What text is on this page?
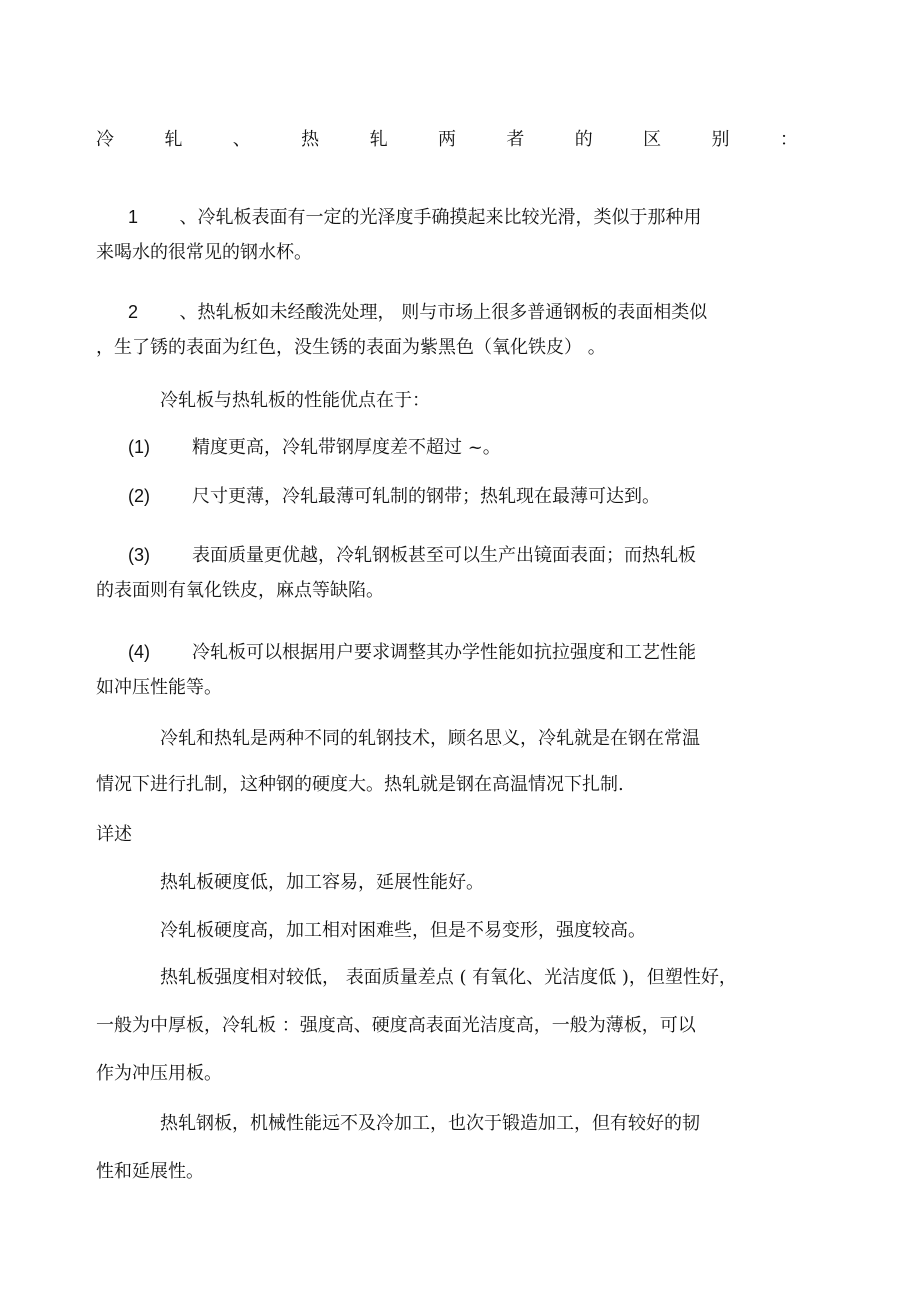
冷	轧	、	热	轧	两	者	的	区	别	：
1 、冷轧板表面有一定的光泽度手确摸起来比较光滑，类似于那种用
来喝水的很常见的钢水杯。
2 、热轧板如未经酸洗处理， 则与市场上很多普通钢板的表面相类似
，生了锈的表面为红色，没生锈的表面为紫黑色（氧化铁皮） 。
冷轧板与热轧板的性能优点在于：
(1) 精度更高，冷轧带钢厚度差不超过 ~。
(2) 尺寸更薄，冷轧最薄可轧制的钢带；热轧现在最薄可达到。
(3) 表面质量更优越，冷轧钢板甚至可以生产出镜面表面；而热轧板
的表面则有氧化铁皮，麻点等缺陷。
(4) 冷轧板可以根据用户要求调整其办学性能如抗拉强度和工艺性能
如冲压性能等。
冷轧和热轧是两种不同的轧钢技术，顾名思义，冷轧就是在钢在常温
情况下进行扎制，这种钢的硬度大。热轧就是钢在高温情况下扎制.
详述
热轧板硬度低，加工容易，延展性能好。
冷轧板硬度高，加工相对困难些，但是不易变形，强度较高。
热轧板强度相对较低， 表面质量差点 ( 有氧化、光洁度低 )，但塑性好，
一般为中厚板，冷轧板 ：强度高、硬度高表面光洁度高，一般为薄板，可以
作为冲压用板。
热轧钢板，机械性能远不及冷加工，也次于锻造加工，但有较好的韧
性和延展性。
